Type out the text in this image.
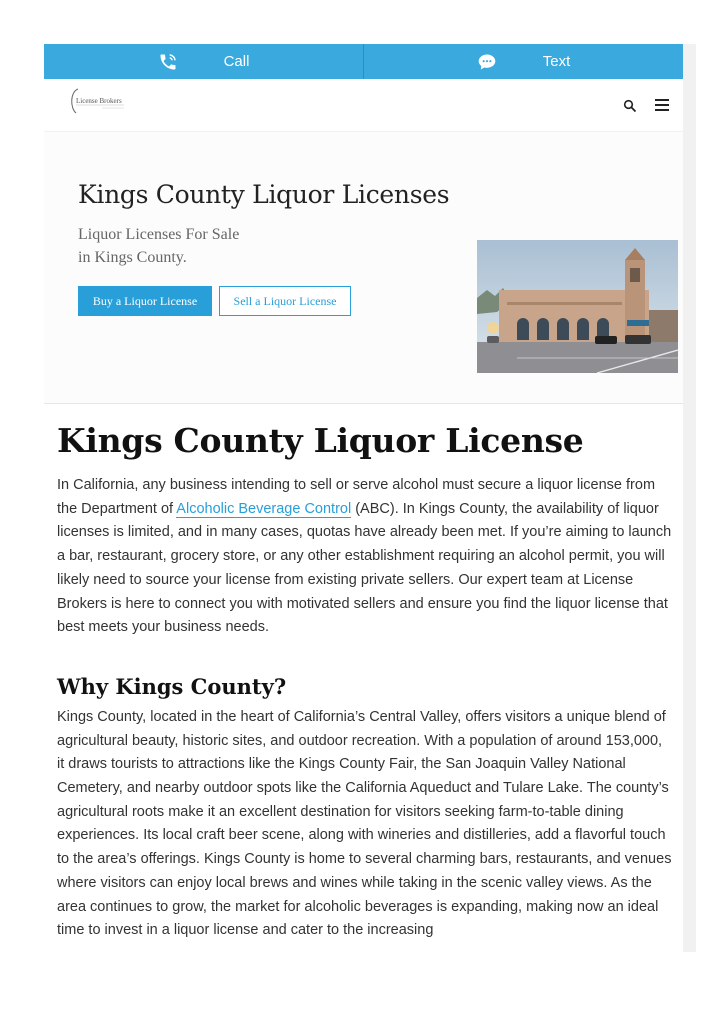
Call	Text
License Brokers
Kings County Liquor Licenses

Liquor Licenses For Sale
in Kings County.

Buy a Liquor License	Sell a Liquor License
Kings County Liquor License

In California, any business intending to sell or serve alcohol must secure a liquor license from the Department of Alcoholic Beverage Control (ABC). In Kings County, the availability of liquor licenses is limited, and in many cases, quotas have already been met. If you’re aiming to launch a bar, restaurant, grocery store, or any other establishment requiring an alcohol permit, you will likely need to source your license from existing private sellers. Our expert team at License Brokers is here to connect you with motivated sellers and ensure you find the liquor license that best meets your business needs.

Why Kings County?

Kings County, located in the heart of California’s Central Valley, offers visitors a unique blend of agricultural beauty, historic sites, and outdoor recreation. With a population of around 153,000, it draws tourists to attractions like the Kings County Fair, the San Joaquin Valley National Cemetery, and nearby outdoor spots like the California Aqueduct and Tulare Lake. The county’s agricultural roots make it an excellent destination for visitors seeking farm-to-table dining experiences. Its local craft beer scene, along with wineries and distilleries, add a flavorful touch to the area’s offerings. Kings County is home to several charming bars, restaurants, and venues where visitors can enjoy local brews and wines while taking in the scenic valley views. As the area continues to grow, the market for alcoholic beverages is expanding, making now an ideal time to invest in a liquor license and cater to the increasing
